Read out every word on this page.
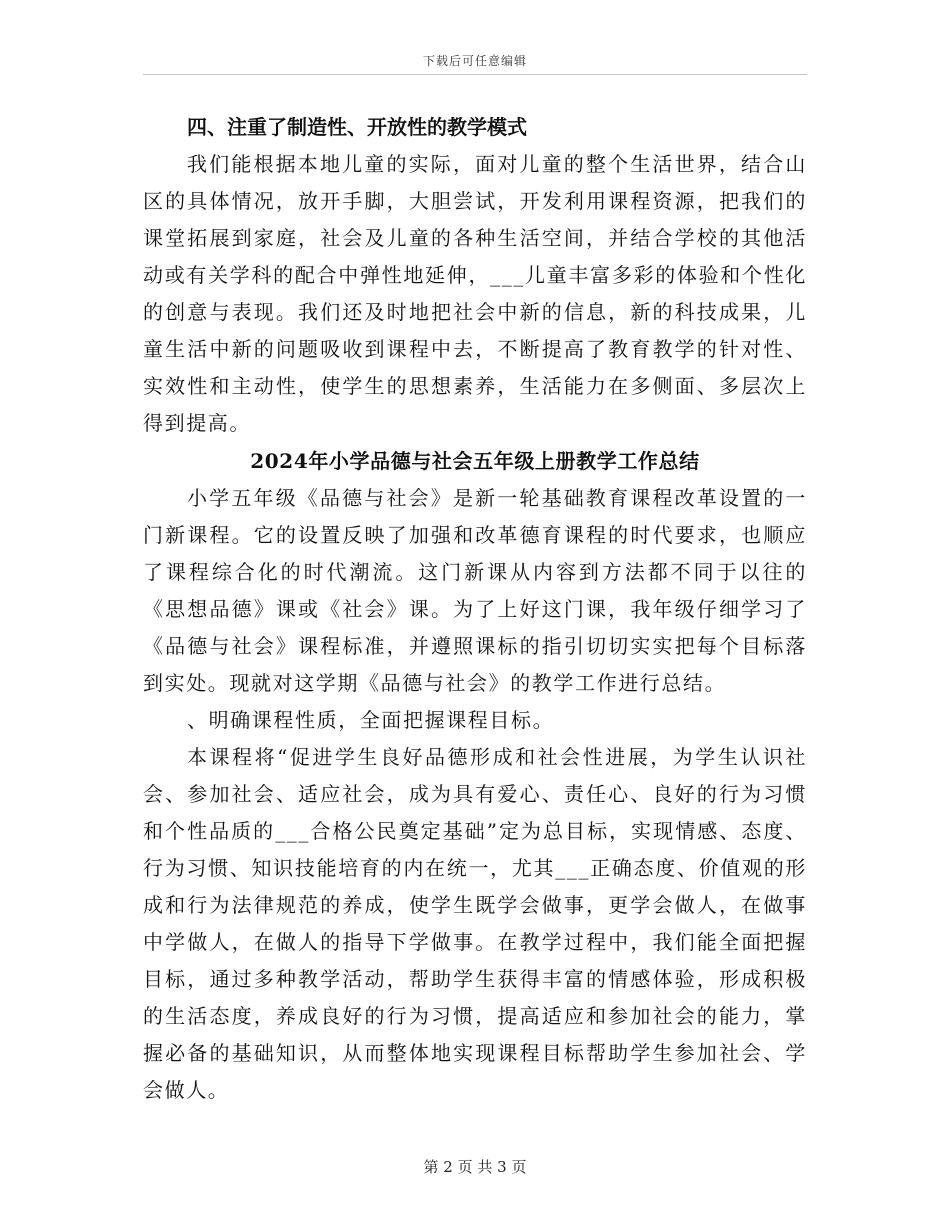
下载后可任意编辑
四、注重了制造性、开放性的教学模式

我们能根据本地儿童的实际，面对儿童的整个生活世界，结合山区的具体情况，放开手脚，大胆尝试，开发利用课程资源，把我们的课堂拓展到家庭，社会及儿童的各种生活空间，并结合学校的其他活动或有关学科的配合中弹性地延伸，___儿童丰富多彩的体验和个性化的创意与表现。我们还及时地把社会中新的信息，新的科技成果，儿童生活中新的问题吸收到课程中去，不断提高了教育教学的针对性、实效性和主动性，使学生的思想素养，生活能力在多侧面、多层次上得到提高。

2024年小学品德与社会五年级上册教学工作总结

小学五年级《品德与社会》是新一轮基础教育课程改革设置的一门新课程。它的设置反映了加强和改革德育课程的时代要求，也顺应了课程综合化的时代潮流。这门新课从内容到方法都不同于以往的《思想品德》课或《社会》课。为了上好这门课，我年级仔细学习了《品德与社会》课程标准，并遵照课标的指引切切实实把每个目标落到实处。现就对这学期《品德与社会》的教学工作进行总结。

、明确课程性质，全面把握课程目标。

本课程将“促进学生良好品德形成和社会性进展，为学生认识社会、参加社会、适应社会，成为具有爱心、责任心、良好的行为习惯和个性品质的___合格公民奠定基础”定为总目标，实现情感、态度、行为习惯、知识技能培育的内在统一，尤其___正确态度、价值观的形成和行为法律规范的养成，使学生既学会做事，更学会做人，在做事中学做人，在做人的指导下学做事。在教学过程中，我们能全面把握目标，通过多种教学活动，帮助学生获得丰富的情感体验，形成积极的生活态度，养成良好的行为习惯，提高适应和参加社会的能力，掌握必备的基础知识，从而整体地实现课程目标帮助学生参加社会、学会做人。

第 2 页 共 3 页
